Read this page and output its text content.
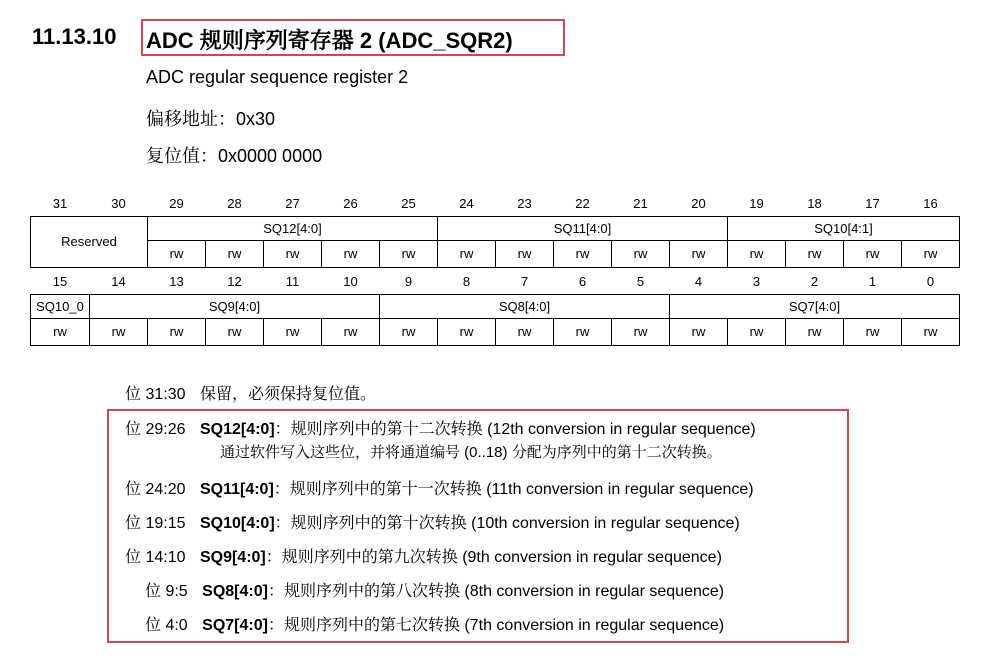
11.13.10 ADC 规则序列寄存器 2 (ADC_SQR2)
ADC regular sequence register 2
偏移地址：0x30
复位值：0x0000 0000
31	30	29	28	27	26	25	24	23	22	21	20	19	18	17	16
Reserved		SQ12[4:0]					SQ11[4:0]					SQ10[4:1]			
		rw	rw	rw	rw	rw	rw	rw	rw	rw	rw	rw	rw	rw	rw
15	14	13	12	11	10	9	8	7	6	5	4	3	2	1	0
SQ10_0	SQ9[4:0]					SQ8[4:0]					SQ7[4:0]				
rw	rw	rw	rw	rw	rw	rw	rw	rw	rw	rw	rw	rw	rw	rw	rw
位 31:30 保留，必须保持复位值。
位 29:26 SQ12[4:0]：规则序列中的第十二次转换 (12th conversion in regular sequence)
通过软件写入这些位，并将通道编号 (0..18) 分配为序列中的第十二次转换。
位 24:20 SQ11[4:0]：规则序列中的第十一次转换 (11th conversion in regular sequence)
位 19:15 SQ10[4:0]：规则序列中的第十次转换 (10th conversion in regular sequence)
位 14:10 SQ9[4:0]：规则序列中的第九次转换 (9th conversion in regular sequence)
位 9:5 SQ8[4:0]：规则序列中的第八次转换 (8th conversion in regular sequence)
位 4:0 SQ7[4:0]：规则序列中的第七次转换 (7th conversion in regular sequence)
